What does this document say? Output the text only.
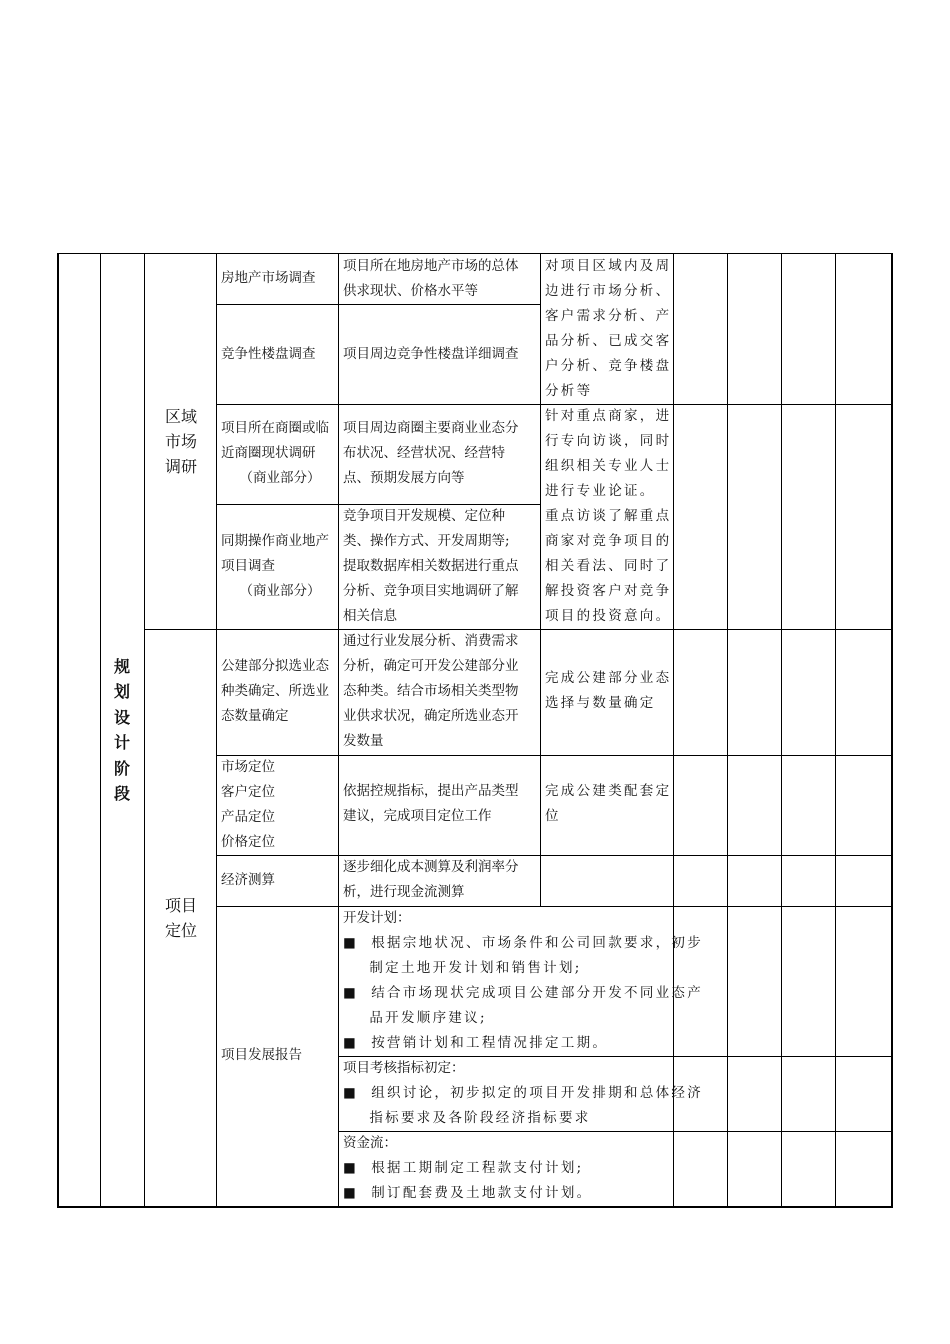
规
划
设
计
阶
段
区域
市场
调研
项目
定位
房地产市场调查
项目所在地房地产市场的总体
供求现状、价格水平等
竞争性楼盘调查 项目周边竞争性楼盘详细调查
对项目区域内及周
边进行市场分析、
客户需求分析、产
品分析、已成交客
户分析、竞争楼盘
分析等
项目所在商圈或临
近商圈现状调研
（商业部分）
项目周边商圈主要商业业态分
布状况、经营状况、经营特
点、预期发展方向等
针对重点商家，进
行专向访谈，同时
组织相关专业人士
进行专业论证。
同期操作商业地产
项目调查
（商业部分）
竞争项目开发规模、定位种
类、操作方式、开发周期等;
提取数据库相关数据进行重点
分析、竞争项目实地调研了解
相关信息
重点访谈了解重点
商家对竞争项目的
相关看法、同时了
解投资客户对竞争
项目的投资意向。
公建部分拟选业态
种类确定、所选业
态数量确定
通过行业发展分析、消费需求
分析，确定可开发公建部分业
态种类。结合市场相关类型物
业供求状况，确定所选业态开
发数量
完成公建部分业态
选择与数量确定
市场定位
客户定位
产品定位
价格定位
依据控规指标，提出产品类型
建议，完成项目定位工作
完成公建类配套定
位
经济测算
逐步细化成本测算及利润率分
析，进行现金流测算
项目发展报告
开发计划：
■  根据宗地状况、市场条件和公司回款要求，初步
制定土地开发计划和销售计划;
■  结合市场现状完成项目公建部分开发不同业态产
品开发顺序建议;
■  按营销计划和工程情况排定工期。
项目考核指标初定：
■  组织讨论，初步拟定的项目开发排期和总体经济
指标要求及各阶段经济指标要求
资金流：
■  根据工期制定工程款支付计划;
■  制订配套费及土地款支付计划。
